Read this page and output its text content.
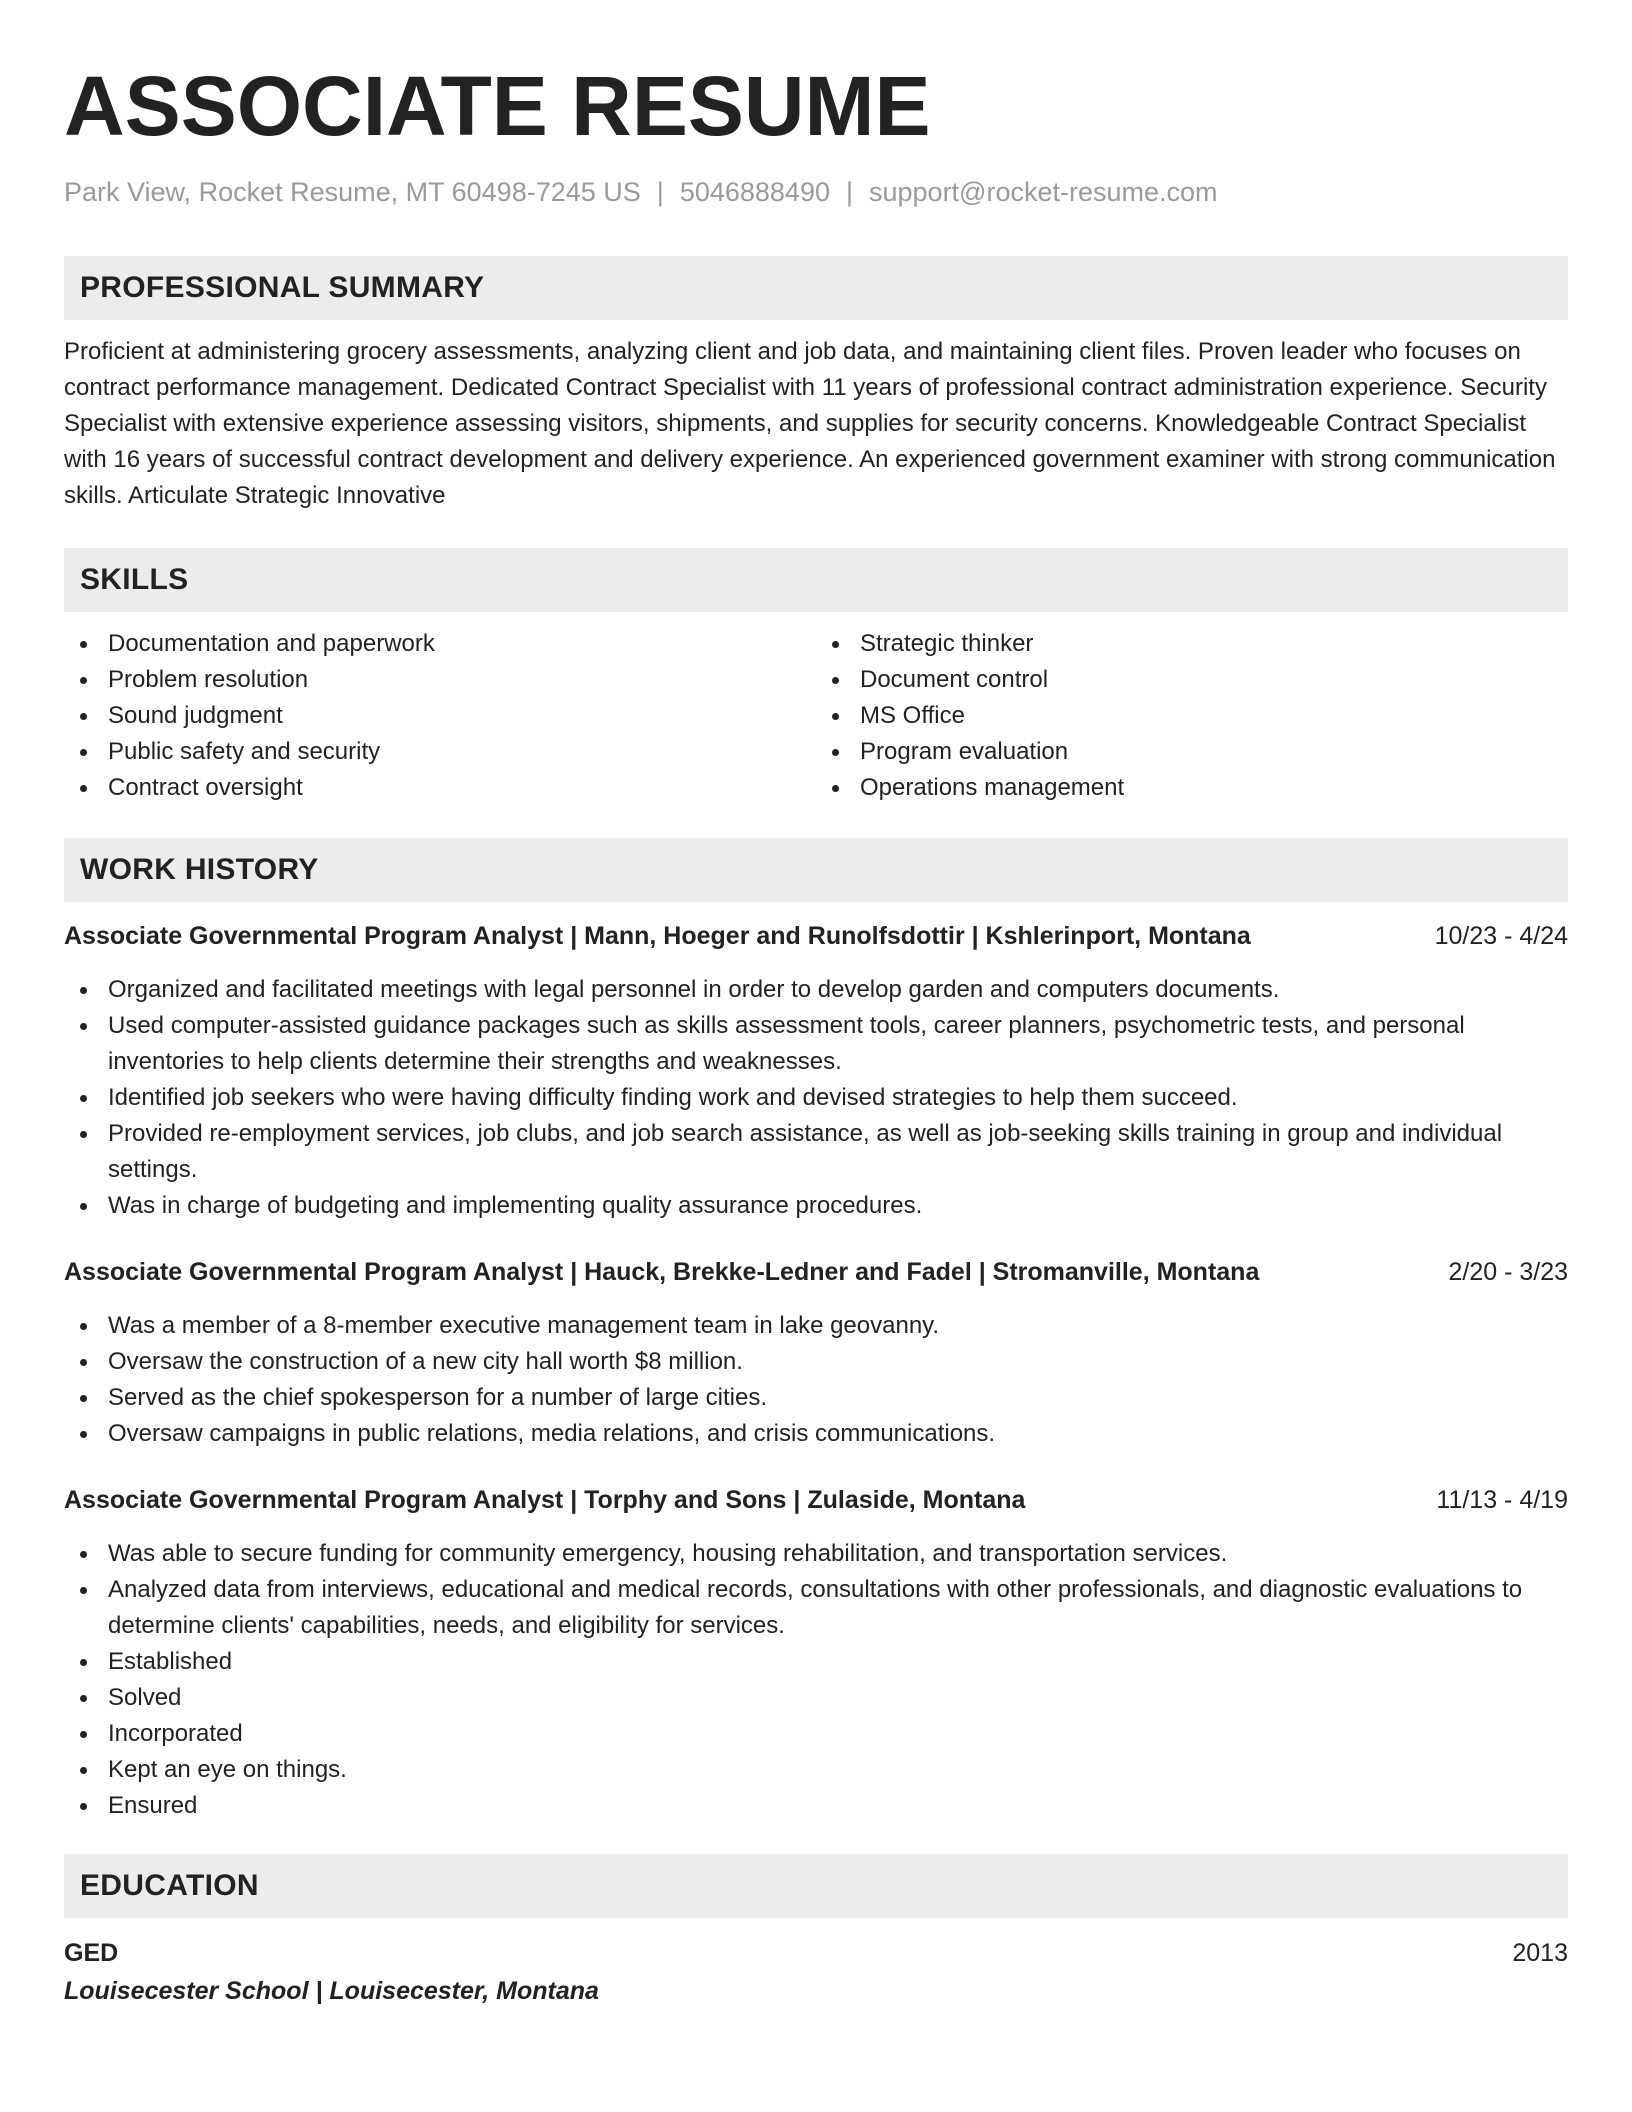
ASSOCIATE RESUME
Park View, Rocket Resume, MT 60498-7245 US | 5046888490 | support@rocket-resume.com
PROFESSIONAL SUMMARY

Proficient at administering grocery assessments, analyzing client and job data, and maintaining client files. Proven leader who focuses on contract performance management. Dedicated Contract Specialist with 11 years of professional contract administration experience. Security Specialist with extensive experience assessing visitors, shipments, and supplies for security concerns. Knowledgeable Contract Specialist with 16 years of successful contract development and delivery experience. An experienced government examiner with strong communication skills. Articulate Strategic Innovative

SKILLS
Documentation and paperwork
Problem resolution
Sound judgment
Public safety and security
Contract oversight
Strategic thinker
Document control
MS Office
Program evaluation
Operations management
WORK HISTORY
Associate Governmental Program Analyst | Mann, Hoeger and Runolfsdottir | Kshlerinport, Montana	10/23 - 4/24
Organized and facilitated meetings with legal personnel in order to develop garden and computers documents.
Used computer-assisted guidance packages such as skills assessment tools, career planners, psychometric tests, and personal inventories to help clients determine their strengths and weaknesses.
Identified job seekers who were having difficulty finding work and devised strategies to help them succeed.
Provided re-employment services, job clubs, and job search assistance, as well as job-seeking skills training in group and individual settings.
Was in charge of budgeting and implementing quality assurance procedures.
Associate Governmental Program Analyst | Hauck, Brekke-Ledner and Fadel | Stromanville, Montana	2/20 - 3/23
Was a member of a 8-member executive management team in lake geovanny.
Oversaw the construction of a new city hall worth $8 million.
Served as the chief spokesperson for a number of large cities.
Oversaw campaigns in public relations, media relations, and crisis communications.
Associate Governmental Program Analyst | Torphy and Sons | Zulaside, Montana	11/13 - 4/19
Was able to secure funding for community emergency, housing rehabilitation, and transportation services.
Analyzed data from interviews, educational and medical records, consultations with other professionals, and diagnostic evaluations to determine clients' capabilities, needs, and eligibility for services.
Established
Solved
Incorporated
Kept an eye on things.
Ensured
EDUCATION
GED	2013
Louisecester School | Louisecester, Montana
